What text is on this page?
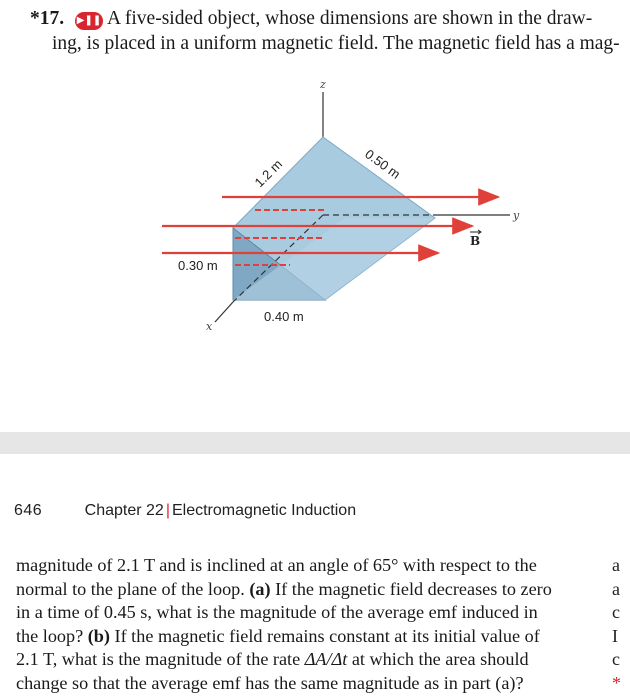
*17. ▶❚❚ A five-sided object, whose dimensions are shown in the draw-
ing, is placed in a uniform magnetic field. The magnetic field has a mag-
z
y
x
B
1.2 m	0.50 m
0.30 m
0.40 m
646	Chapter 22 | Electromagnetic Induction

magnitude of 2.1 T and is inclined at an angle of 65° with respect to the
normal to the plane of the loop. (a) If the magnetic field decreases to zero
in a time of 0.45 s, what is the magnitude of the average emf induced in
the loop? (b) If the magnetic field remains constant at its initial value of
2.1 T, what is the magnitude of the rate ΔA/Δt at which the area should
change so that the average emf has the same magnitude as in part (a)?

a
a
c
I
c
*
